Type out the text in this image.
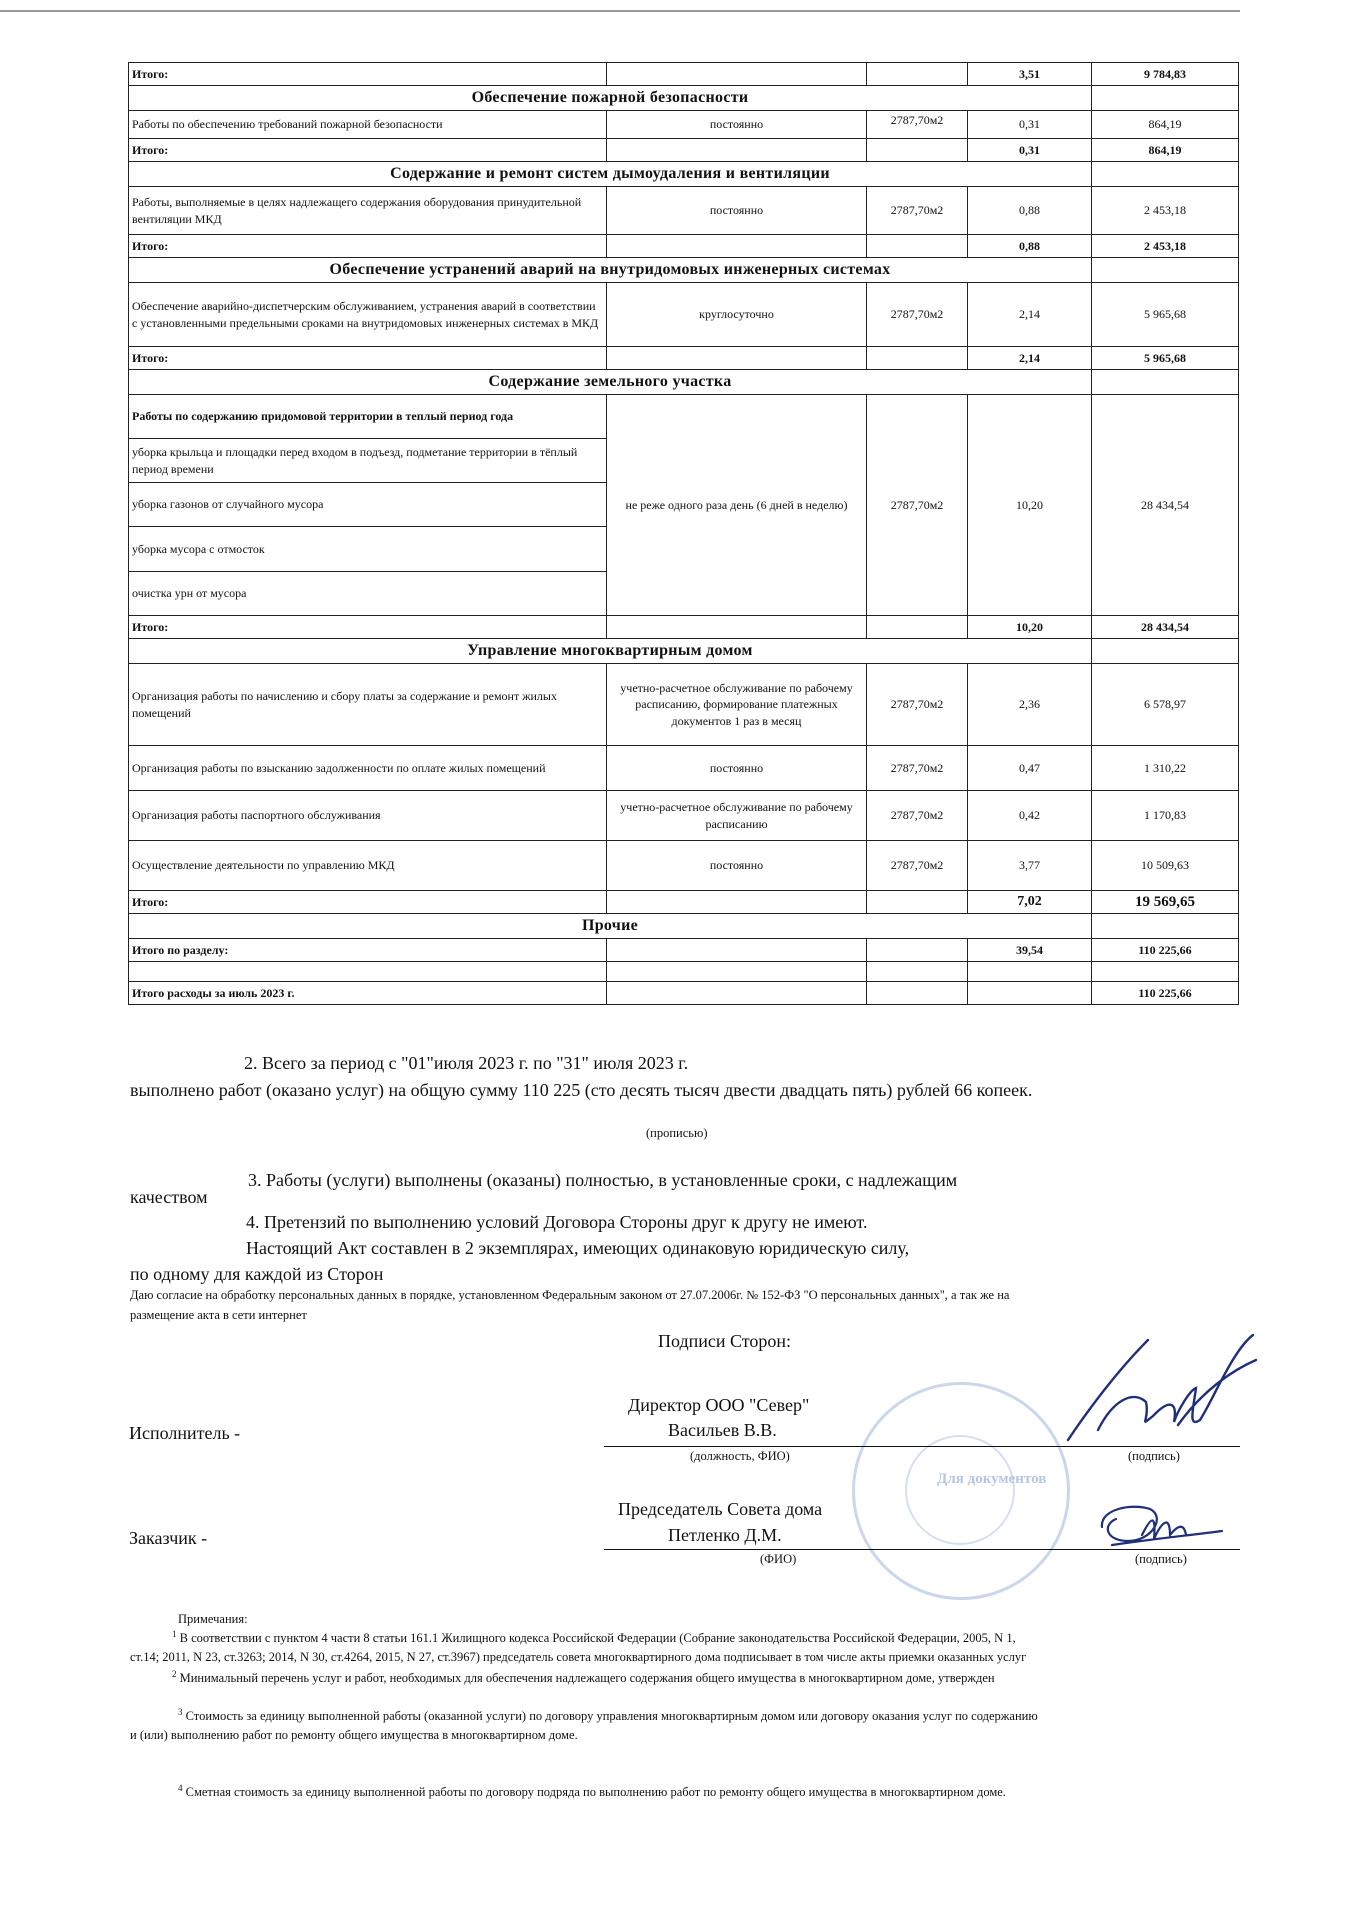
Итого:			3,51	9 784,83
Обеспечение пожарной безопасности				
Работы по обеспечению требований пожарной безопасности	постоянно	2787,70м2	0,31	864,19
Итого:			0,31	864,19
Содержание и ремонт систем дымоудаления и вентиляции				
Работы, выполняемые в целях надлежащего содержания оборудования принудительной вентиляции МКД	постоянно	2787,70м2	0,88	2 453,18
Итого:			0,88	2 453,18
Обеспечение устранений аварий на внутридомовых инженерных системах				
Обеспечение аварийно-диспетчерским обслуживанием, устранения аварий в соответствии с установленными предельными сроками на внутридомовых инженерных системах в МКД	круглосуточно	2787,70м2	2,14	5 965,68
Итого:			2,14	5 965,68
Содержание земельного участка				
Работы по содержанию придомовой территории в теплый период года	не реже одного раза день (6 дней в неделю)	2787,70м2	10,20	28 434,54
уборка крыльца и площадки перед входом в подъезд, подметание территории в тёплый период времени				
уборка газонов от случайного мусора				
уборка мусора с отмосток				
очистка урн от мусора				
Итого:			10,20	28 434,54
Управление многоквартирным домом				
Организация работы по начислению и сбору платы за содержание и ремонт жилых помещений	учетно-расчетное обслуживание по рабочему расписанию, формирование платежных документов 1 раз в месяц	2787,70м2	2,36	6 578,97
Организация работы по взысканию задолженности по оплате жилых помещений	постоянно	2787,70м2	0,47	1 310,22
Организация работы паспортного обслуживания	учетно-расчетное обслуживание по рабочему расписанию	2787,70м2	0,42	1 170,83
Осуществление деятельности по управлению МКД	постоянно	2787,70м2	3,77	10 509,63
Итого:			7,02	19 569,65
Прочие				
Итого по разделу:			39,54	110 225,66

Итого расходы за июль 2023 г.				110 225,66
2. Всего за период с "01"июля 2023 г. по "31" июля 2023 г.
выполнено работ (оказано услуг) на общую сумму 110 225 (сто десять тысяч двести двадцать пять) рублей 66 копеек.
(прописью)
3. Работы (услуги) выполнены (оказаны) полностью, в установленные сроки, с надлежащим
качеством
4. Претензий по выполнению условий Договора Стороны друг к другу не имеют.
Настоящий Акт составлен в 2 экземплярах, имеющих одинаковую юридическую силу,
по одному для каждой из Сторон
Даю согласие на обработку персональных данных в порядке, установленном Федеральным законом от 27.07.2006г. № 152-ФЗ "О персональных данных", а так же на
размещение акта в сети интернет
Подписи Сторон:
Для документов
Исполнитель -
Директор ООО "Север"
Васильев В.В.
(должность, ФИО)	(подпись)
Заказчик -
Председатель Совета дома
Петленко Д.М.
(ФИО)	(подпись)
Примечания:
$^1$ В соответствии с пунктом 4 части 8 статьи 161.1 Жилищного кодекса Российской Федерации (Собрание законодательства Российской Федерации, 2005, N 1,
ст.14; 2011, N 23, ст.3263; 2014, N 30, ст.4264, 2015, N 27, ст.3967) председатель совета многоквартирного дома подписывает в том числе акты приемки оказанных услуг
$^2$ Минимальный перечень услуг и работ, необходимых для обеспечения надлежащего содержания общего имущества в многоквартирном доме, утвержден
$^3$ Стоимость за единицу выполненной работы (оказанной услуги) по договору управления многоквартирным домом или договору оказания услуг по содержанию
и (или) выполнению работ по ремонту общего имущества в многоквартирном доме.
$^4$ Сметная стоимость за единицу выполненной работы по договору подряда по выполнению работ по ремонту общего имущества в многоквартирном доме.
